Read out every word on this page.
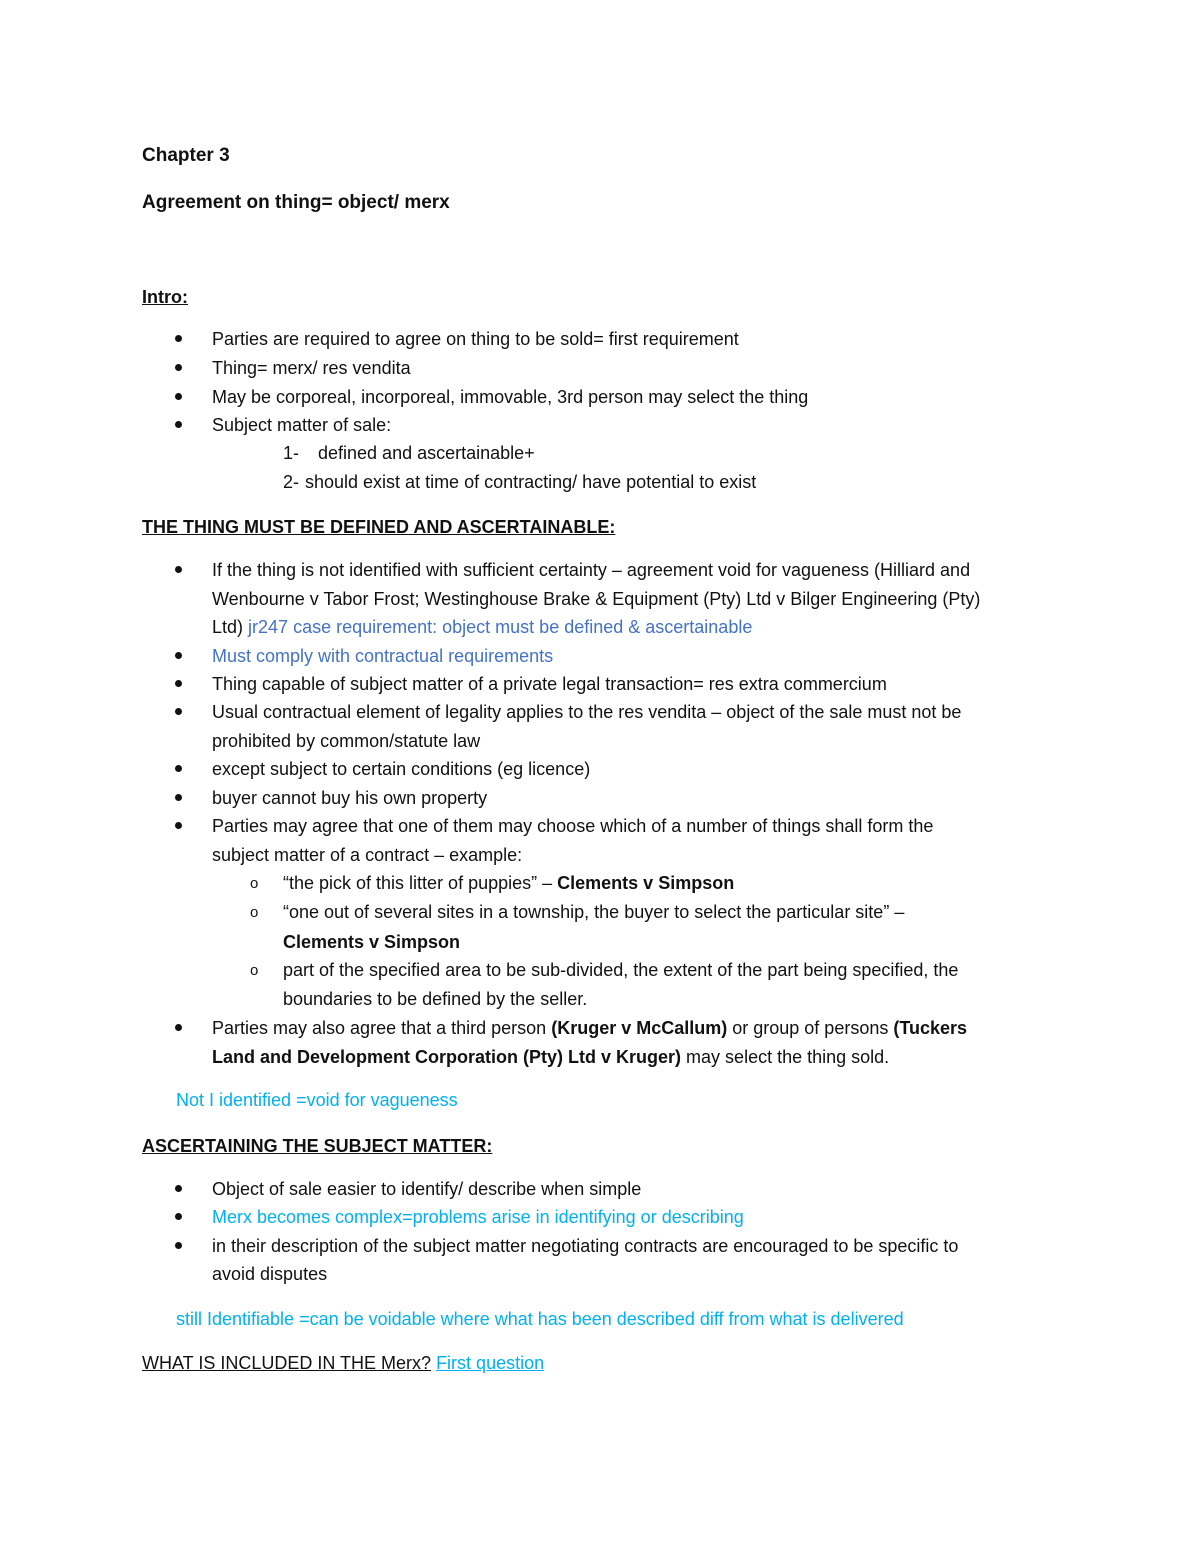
Chapter 3
Agreement on thing= object/ merx
Intro:
Parties are required to agree on thing to be sold= first requirement
Thing= merx/ res vendita
May be corporeal, incorporeal, immovable, 3rd person may select the thing
Subject matter of sale:
1- defined and ascertainable+
2- should exist at time of contracting/ have potential to exist
THE THING MUST BE DEFINED AND ASCERTAINABLE:
If the thing is not identified with sufficient certainty – agreement void for vagueness (Hilliard and
Wenbourne v Tabor Frost; Westinghouse Brake & Equipment (Pty) Ltd v Bilger Engineering (Pty)
Ltd) jr247 case requirement: object must be defined & ascertainable
Must comply with contractual requirements
Thing capable of subject matter of a private legal transaction= res extra commercium
Usual contractual element of legality applies to the res vendita – object of the sale must not be
prohibited by common/statute law
except subject to certain conditions (eg licence)
buyer cannot buy his own property
Parties may agree that one of them may choose which of a number of things shall form the
subject matter of a contract – example:
o “the pick of this litter of puppies” – Clements v Simpson
o “one out of several sites in a township, the buyer to select the particular site” –
Clements v Simpson
o part of the specified area to be sub-divided, the extent of the part being specified, the
boundaries to be defined by the seller.
Parties may also agree that a third person (Kruger v McCallum) or group of persons (Tuckers
Land and Development Corporation (Pty) Ltd v Kruger) may select the thing sold.
Not I identified =void for vagueness
ASCERTAINING THE SUBJECT MATTER:
Object of sale easier to identify/ describe when simple
Merx becomes complex=problems arise in identifying or describing
in their description of the subject matter negotiating contracts are encouraged to be specific to
avoid disputes
still Identifiable =can be voidable where what has been described diff from what is delivered
WHAT IS INCLUDED IN THE Merx? First question
